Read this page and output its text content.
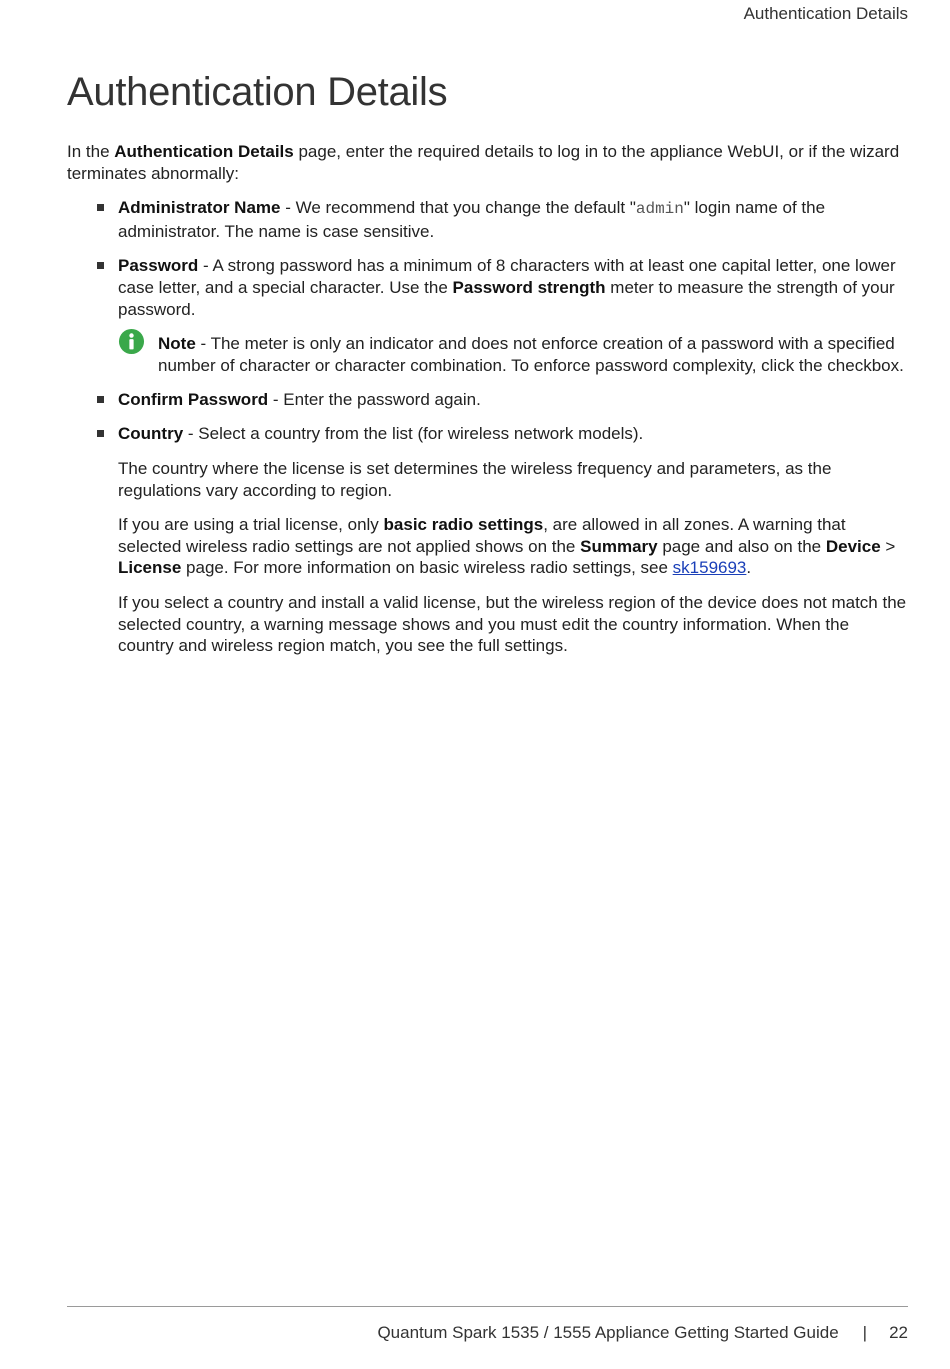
Authentication Details
Authentication Details

In the Authentication Details page, enter the required details to log in to the appliance WebUI, or if the wizard terminates abnormally:

Administrator Name - We recommend that you change the default "admin" login name of the administrator. The name is case sensitive.
Password - A strong password has a minimum of 8 characters with at least one capital letter, one lower case letter, and a special character. Use the Password strength meter to measure the strength of your password.
Note - The meter is only an indicator and does not enforce creation of a password with a specified number of character or character combination. To enforce password complexity, click the checkbox.
Confirm Password - Enter the password again.
Country - Select a country from the list (for wireless network models).

The country where the license is set determines the wireless frequency and parameters, as the regulations vary according to region.

If you are using a trial license, only basic radio settings, are allowed in all zones. A warning that selected wireless radio settings are not applied shows on the Summary page and also on the Device > License page. For more information on basic wireless radio settings, see sk159693.

If you select a country and install a valid license, but the wireless region of the device does not match the selected country, a warning message shows and you must edit the country information. When the country and wireless region match, you see the full settings.

Quantum Spark 1535 / 1555 Appliance Getting Started Guide | 22
